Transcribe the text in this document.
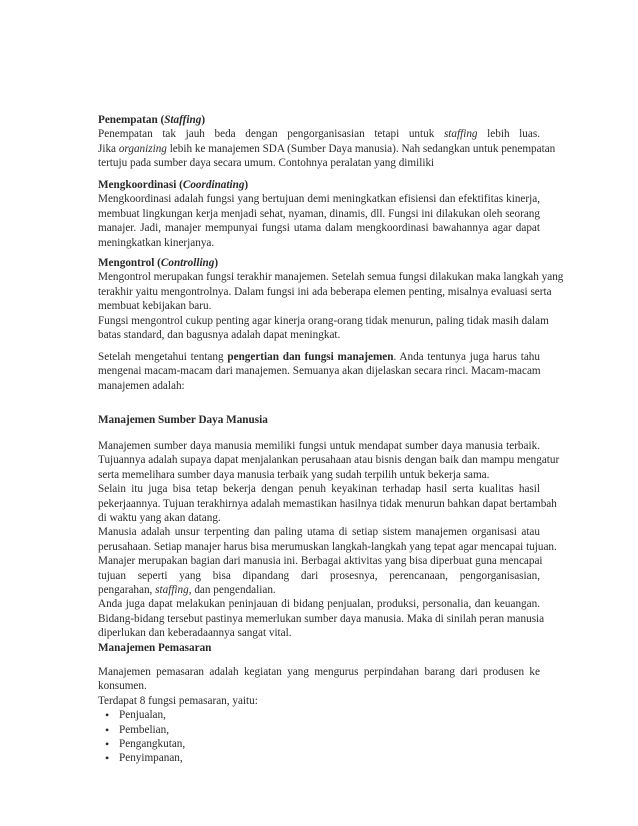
Penempatan (Staffing)
Penempatan tak jauh beda dengan pengorganisasian tetapi untuk staffing lebih luas.
Jika organizing lebih ke manajemen SDA (Sumber Daya manusia). Nah sedangkan untuk penempatan
tertuju pada sumber daya secara umum. Contohnya peralatan yang dimiliki
Mengkoordinasi (Coordinating)
Mengkoordinasi adalah fungsi yang bertujuan demi meningkatkan efisiensi dan efektifitas kinerja,
membuat lingkungan kerja menjadi sehat, nyaman, dinamis, dll. Fungsi ini dilakukan oleh seorang
manajer. Jadi, manajer mempunyai fungsi utama dalam mengkoordinasi bawahannya agar dapat
meningkatkan kinerjanya.
Mengontrol (Controlling)
Mengontrol merupakan fungsi terakhir manajemen. Setelah semua fungsi dilakukan maka langkah yang
terakhir yaitu mengontrolnya. Dalam fungsi ini ada beberapa elemen penting, misalnya evaluasi serta
membuat kebijakan baru.
Fungsi mengontrol cukup penting agar kinerja orang-orang tidak menurun, paling tidak masih dalam
batas standard, dan bagusnya adalah dapat meningkat.
Setelah mengetahui tentang pengertian dan fungsi manajemen. Anda tentunya juga harus tahu
mengenai macam-macam dari manajemen. Semuanya akan dijelaskan secara rinci. Macam-macam
manajemen adalah:
Manajemen Sumber Daya Manusia
Manajemen sumber daya manusia memiliki fungsi untuk mendapat sumber daya manusia terbaik.
Tujuannya adalah supaya dapat menjalankan perusahaan atau bisnis dengan baik dan mampu mengatur
serta memelihara sumber daya manusia terbaik yang sudah terpilih untuk bekerja sama.
Selain itu juga bisa tetap bekerja dengan penuh keyakinan terhadap hasil serta kualitas hasil
pekerjaannya. Tujuan terakhirnya adalah memastikan hasilnya tidak menurun bahkan dapat bertambah
di waktu yang akan datang.
Manusia adalah unsur terpenting dan paling utama di setiap sistem manajemen organisasi atau
perusahaan. Setiap manajer harus bisa merumuskan langkah-langkah yang tepat agar mencapai tujuan.
Manajer merupakan bagian dari manusia ini. Berbagai aktivitas yang bisa diperbuat guna mencapai
tujuan seperti yang bisa dipandang dari prosesnya, perencanaan, pengorganisasian,
pengarahan, staffing, dan pengendalian.
Anda juga dapat melakukan peninjauan di bidang penjualan, produksi, personalia, dan keuangan.
Bidang-bidang tersebut pastinya memerlukan sumber daya manusia. Maka di sinilah peran manusia
diperlukan dan keberadaannya sangat vital.
Manajemen Pemasaran
Manajemen pemasaran adalah kegiatan yang mengurus perpindahan barang dari produsen ke
konsumen.
Terdapat 8 fungsi pemasaran, yaitu:
• Penjualan,
• Pembelian,
• Pengangkutan,
• Penyimpanan,
